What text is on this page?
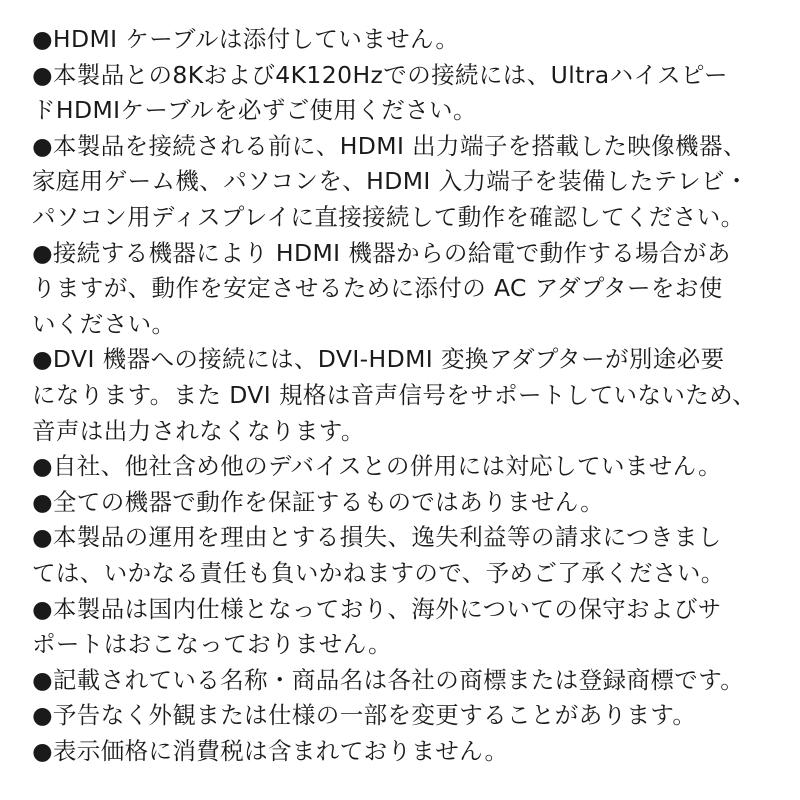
●HDMI ケーブルは添付していません。
●本製品との8Kおよび4K120Hzでの接続には、Ultraハイスピー
ドHDMIケーブルを必ずご使用ください。
●本製品を接続される前に、HDMI 出力端子を搭載した映像機器、
家庭用ゲーム機、パソコンを、HDMI 入力端子を装備したテレビ・
パソコン用ディスプレイに直接接続して動作を確認してください。
●接続する機器により HDMI 機器からの給電で動作する場合があ
りますが、動作を安定させるために添付の AC アダプターをお使
いください。
●DVI 機器への接続には、DVI-HDMI 変換アダプターが別途必要
になります。また DVI 規格は音声信号をサポートしていないため、
音声は出力されなくなります。
●自社、他社含め他のデバイスとの併用には対応していません。
●全ての機器で動作を保証するものではありません。
●本製品の運用を理由とする損失、逸失利益等の請求につきまし
ては、いかなる責任も負いかねますので、予めご了承ください。
●本製品は国内仕様となっており、海外についての保守およびサ
ポートはおこなっておりません。
●記載されている名称・商品名は各社の商標または登録商標です。
●予告なく外観または仕様の一部を変更することがあります。
●表示価格に消費税は含まれておりません。
